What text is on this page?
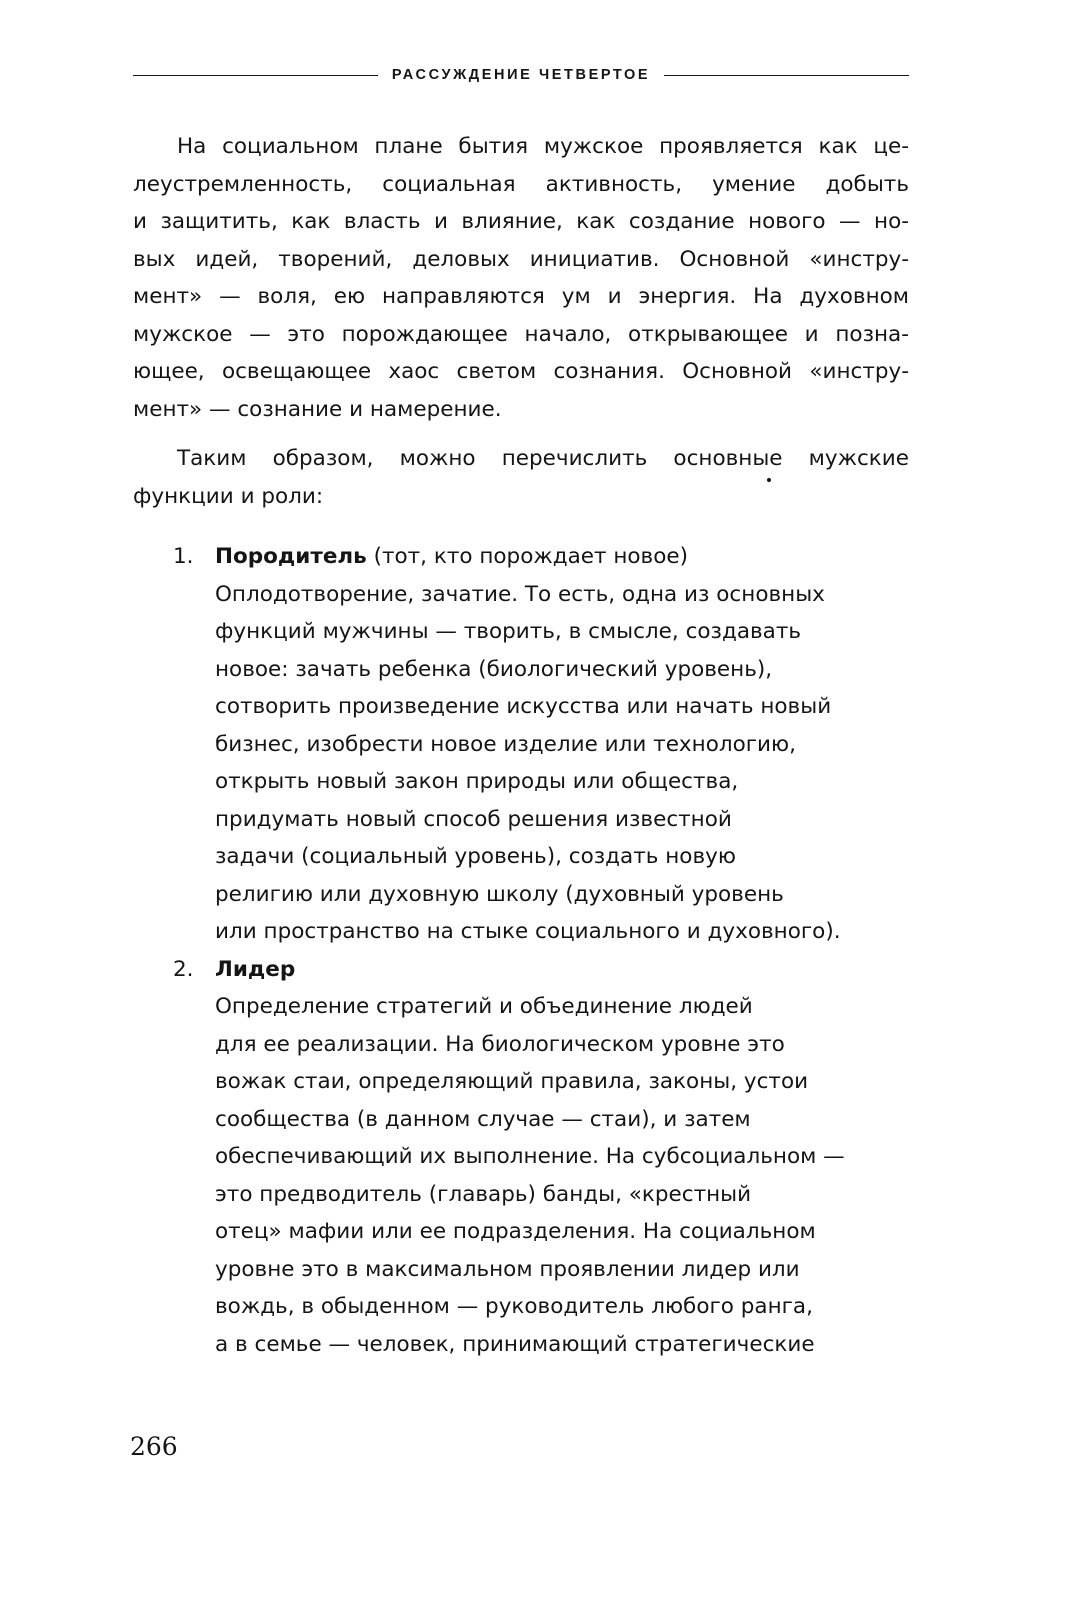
РАССУЖДЕНИЕ ЧЕТВЕРТОЕ
На социальном плане бытия мужское проявляется как це-
леустремленность, социальная активность, умение добыть
и защитить, как власть и влияние, как создание нового — но-
вых идей, творений, деловых инициатив. Основной «инстру-
мент» — воля, ею направляются ум и энергия. На духовном
мужское — это порождающее начало, открывающее и позна-
ющее, освещающее хаос светом сознания. Основной «инстру-
мент» — сознание и намерение.
Таким образом, можно перечислить основные мужские
функции и роли:
1. Породитель (тот, кто порождает новое)
Оплодотворение, зачатие. То есть, одна из основных
функций мужчины — творить, в смысле, создавать
новое: зачать ребенка (биологический уровень),
сотворить произведение искусства или начать новый
бизнес, изобрести новое изделие или технологию,
открыть новый закон природы или общества,
придумать новый способ решения известной
задачи (социальный уровень), создать новую
религию или духовную школу (духовный уровень
или пространство на стыке социального и духовного).
2. Лидер
Определение стратегий и объединение людей
для ее реализации. На биологическом уровне это
вожак стаи, определяющий правила, законы, устои
сообщества (в данном случае — стаи), и затем
обеспечивающий их выполнение. На субсоциальном —
это предводитель (главарь) банды, «крестный
отец» мафии или ее подразделения. На социальном
уровне это в максимальном проявлении лидер или
вождь, в обыденном — руководитель любого ранга,
а в семье — человек, принимающий стратегические
266
